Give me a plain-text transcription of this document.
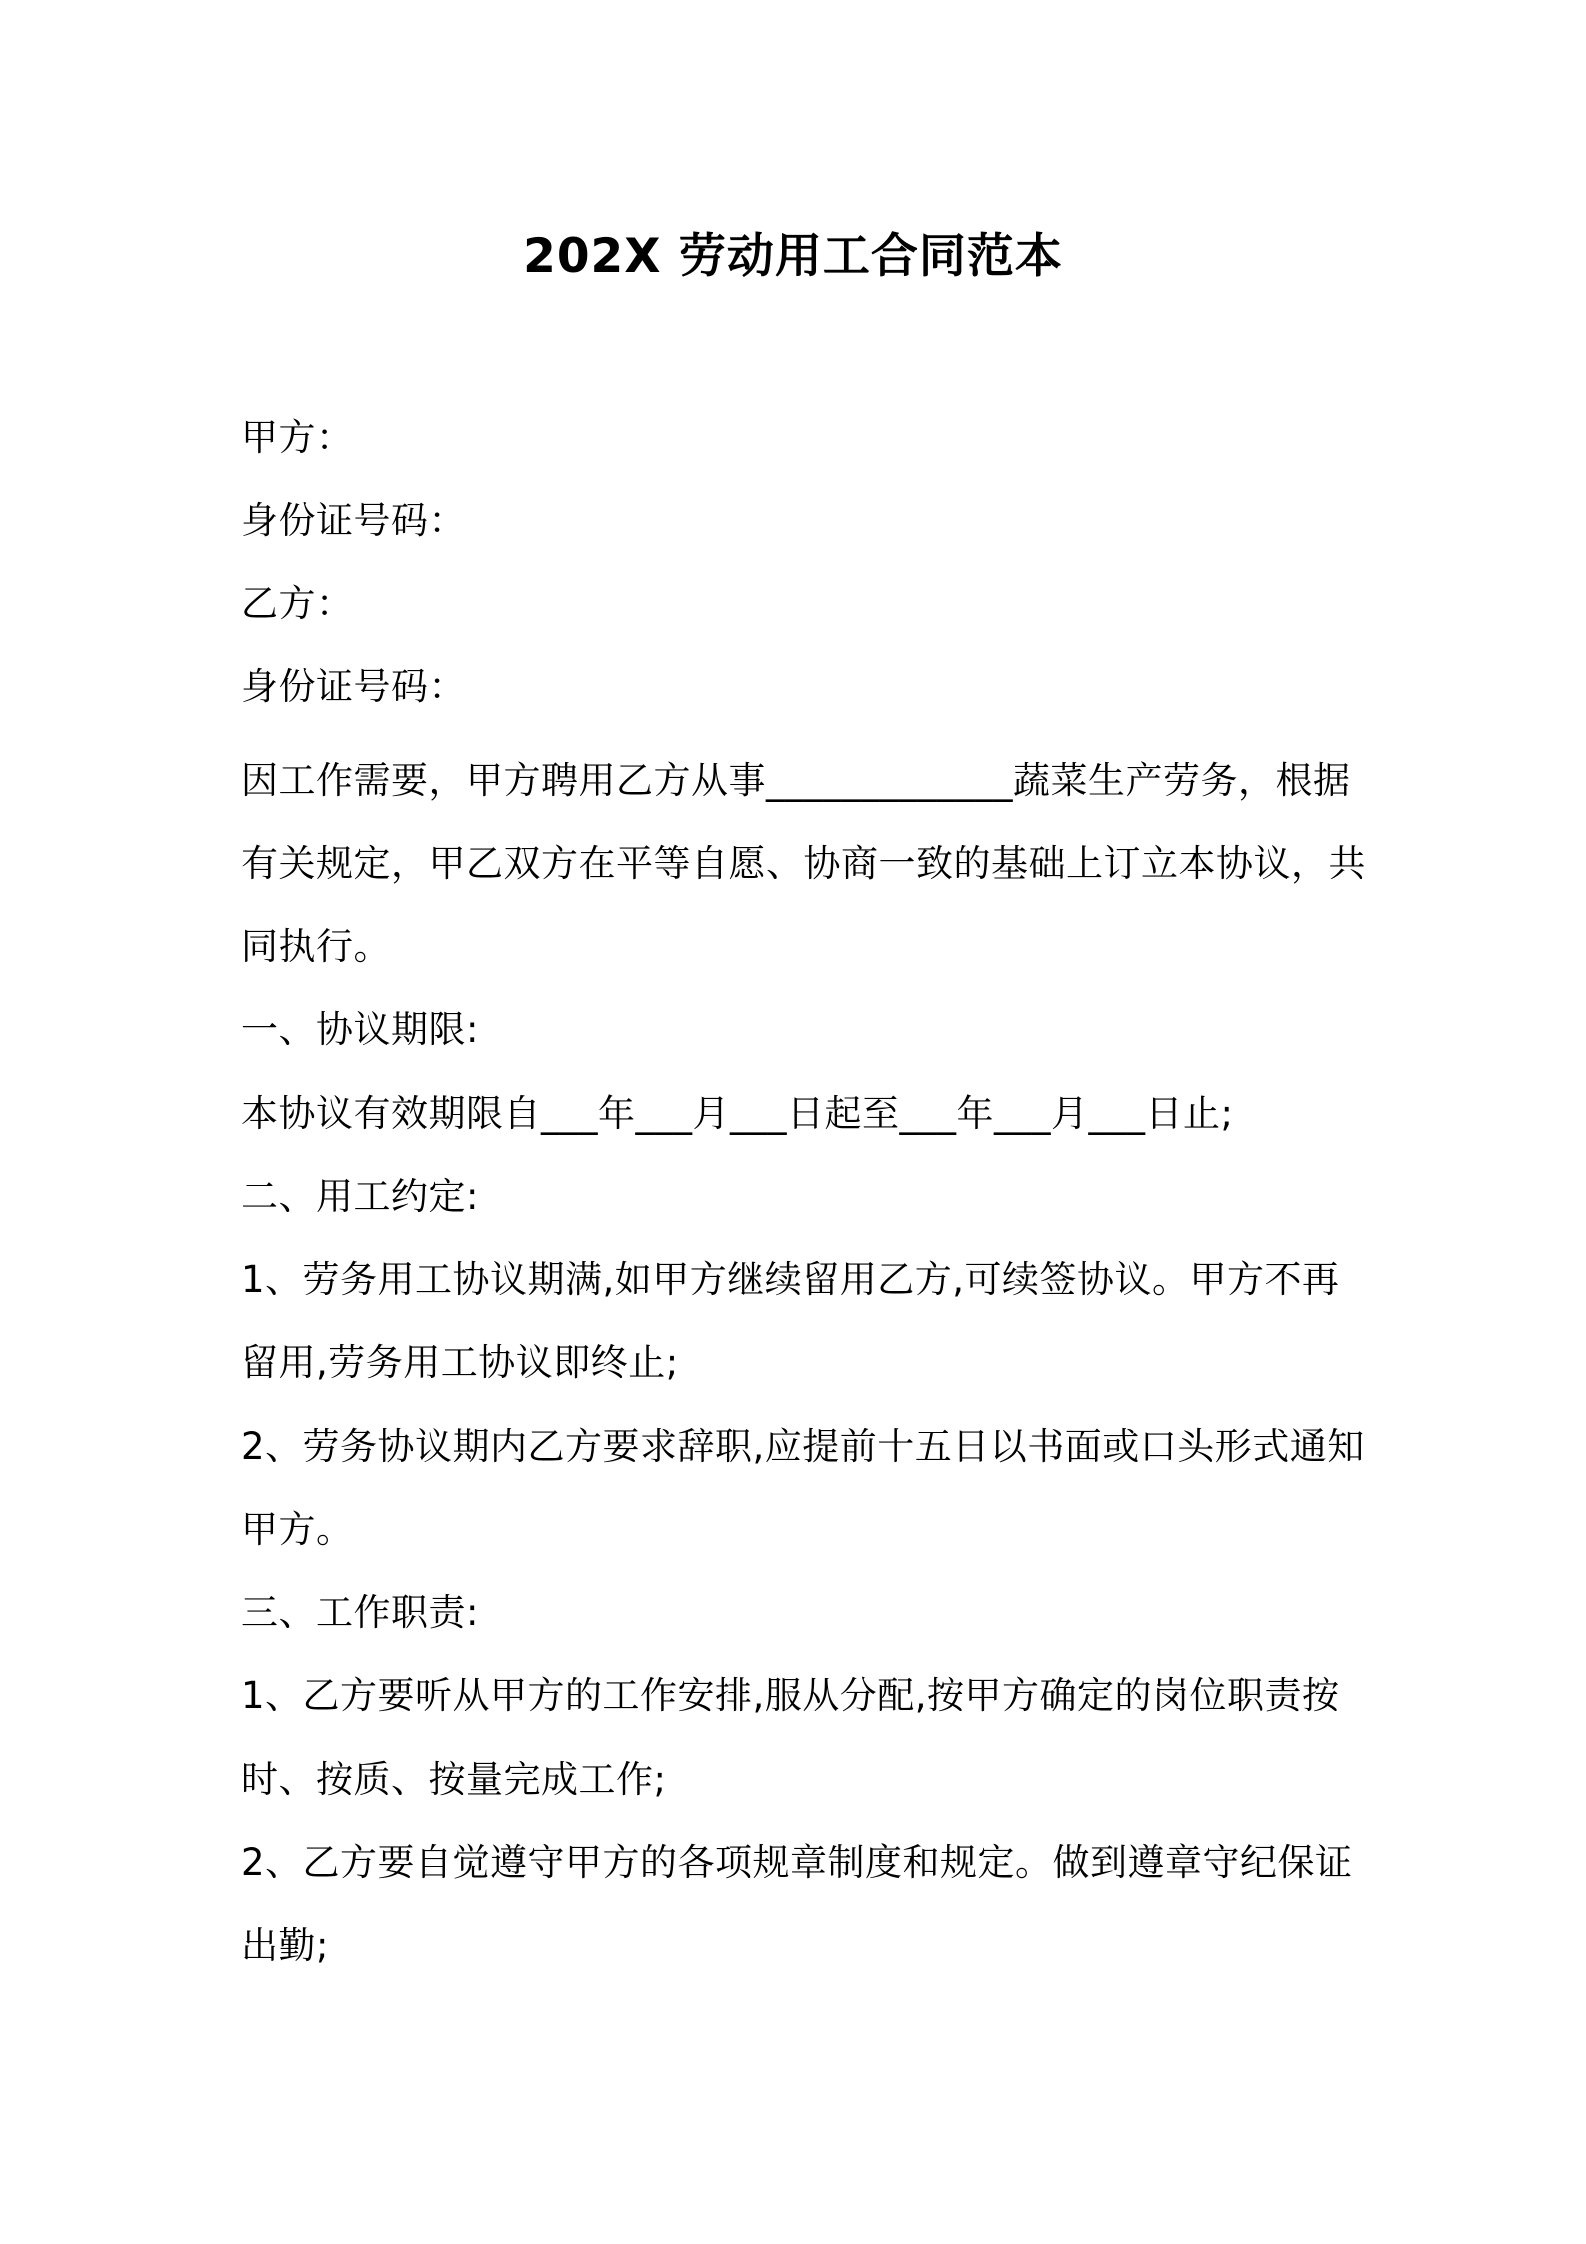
202X 劳动用工合同范本
甲方：
身份证号码：
乙方：
身份证号码：
因工作需要，甲方聘用乙方从事_____________蔬菜生产劳务，根据
有关规定，甲乙双方在平等自愿、协商一致的基础上订立本协议，共
同执行。
一、协议期限:
本协议有效期限自___年___月___日起至___年___月___日止;
二、用工约定:
1、劳务用工协议期满,如甲方继续留用乙方,可续签协议。甲方不再
留用,劳务用工协议即终止;
2、劳务协议期内乙方要求辞职,应提前十五日以书面或口头形式通知
甲方。
三、工作职责:
1、乙方要听从甲方的工作安排,服从分配,按甲方确定的岗位职责按
时、按质、按量完成工作;
2、乙方要自觉遵守甲方的各项规章制度和规定。做到遵章守纪保证
出勤;
